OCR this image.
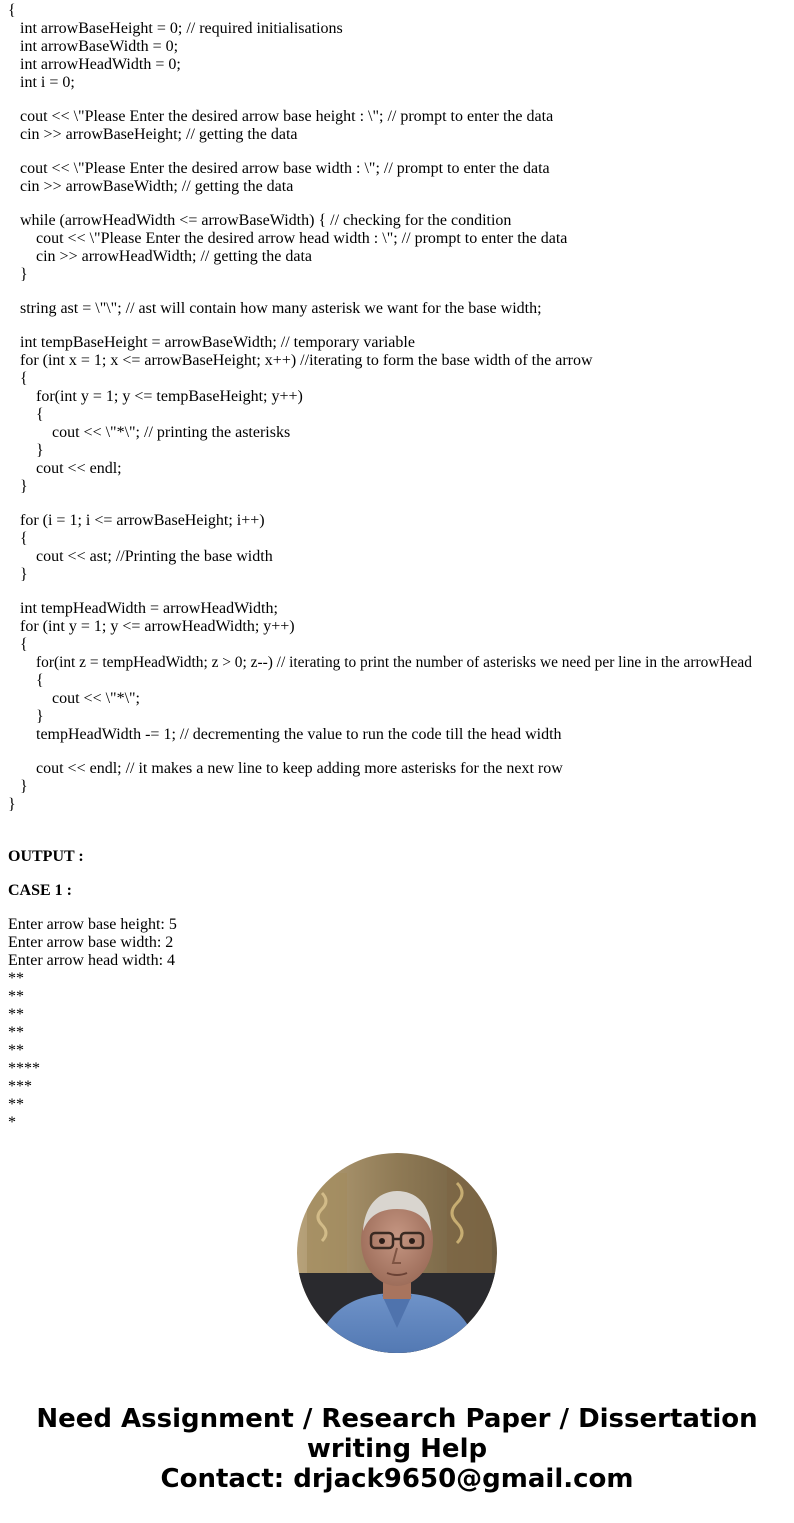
{
int arrowBaseHeight = 0; // required initialisations
int arrowBaseWidth = 0;
int arrowHeadWidth = 0;
int i = 0;
cout << \"Please Enter the desired arrow base height : \"; // prompt to enter the data
cin >> arrowBaseHeight; // getting the data
cout << \"Please Enter the desired arrow base width : \"; // prompt to enter the data
cin >> arrowBaseWidth; // getting the data
while (arrowHeadWidth <= arrowBaseWidth) { // checking for the condition
cout << \"Please Enter the desired arrow head width : \"; // prompt to enter the data
cin >> arrowHeadWidth; // getting the data
}
string ast = \"\"; // ast will contain how many asterisk we want for the base width;
int tempBaseHeight = arrowBaseWidth; // temporary variable
for (int x = 1; x <= arrowBaseHeight; x++) //iterating to form the base width of the arrow
{
for(int y = 1; y <= tempBaseHeight; y++)
{
cout << \"*\"; // printing the asterisks
}
cout << endl;
}
for (i = 1; i <= arrowBaseHeight; i++)
{
cout << ast; //Printing the base width
}
int tempHeadWidth = arrowHeadWidth;
for (int y = 1; y <= arrowHeadWidth; y++)
{
for(int z = tempHeadWidth; z > 0; z--) // iterating to print the number of asterisks we need per line in the arrowHead
{
cout << \"*\";
}
tempHeadWidth -= 1; // decrementing the value to run the code till the head width
cout << endl; // it makes a new line to keep adding more asterisks for the next row
}
}
OUTPUT :
CASE 1 :
Enter arrow base height: 5
Enter arrow base width: 2
Enter arrow head width: 4
**
**
**
**
**
****
***
**
*
Need Assignment / Research Paper / Dissertation
writing Help
Contact: drjack9650@gmail.com
